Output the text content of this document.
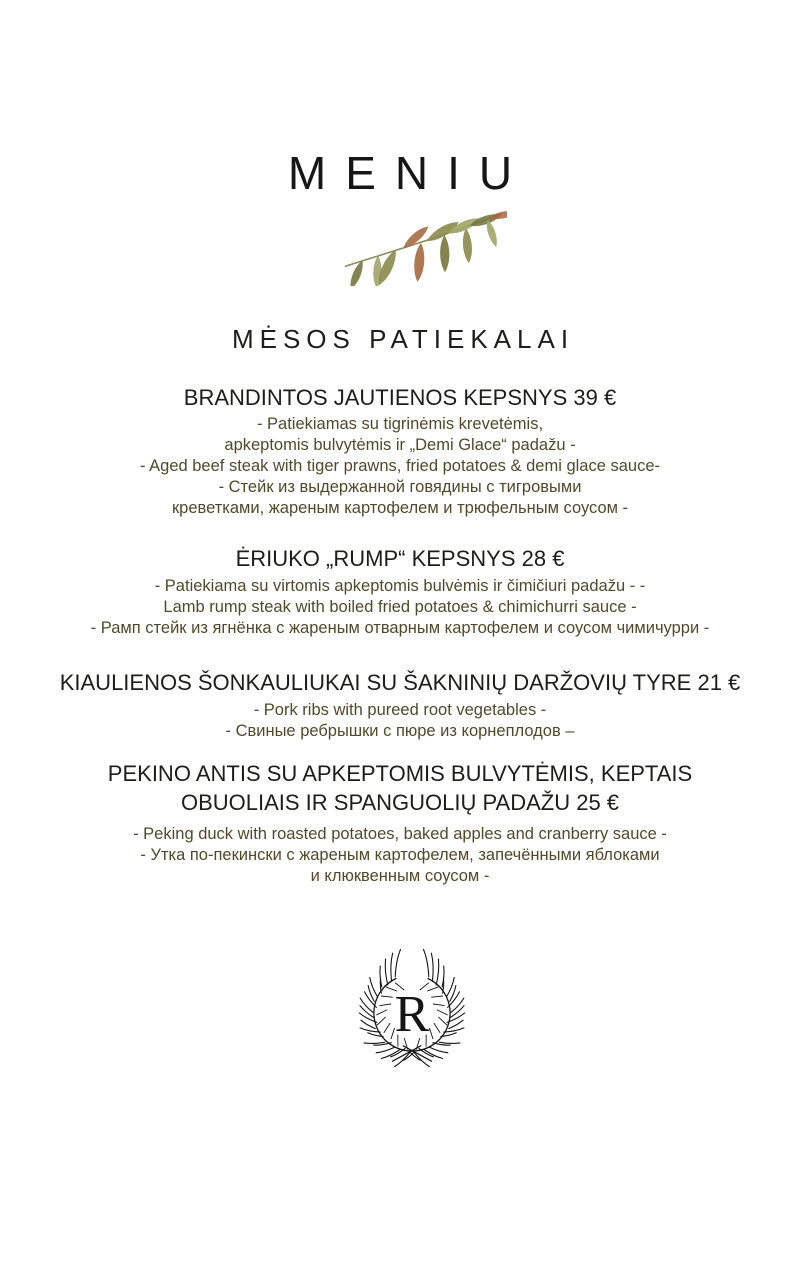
MENIU
MĖSOS PATIEKALAI
BRANDINTOS JAUTIENOS KEPSNYS 39 €
- Patiekiamas su tigrinėmis krevetėmis,
apkeptomis bulvytėmis ir „Demi Glace“ padažu -
- Aged beef steak with tiger prawns, fried potatoes & demi glace sauce-
- Стейк из выдержанной говядины с тигровыми
креветками, жареным картофелем и трюфельным соусом -
ĖRIUKO „RUMP“ KEPSNYS 28 €
- Patiekiama su virtomis apkeptomis bulvėmis ir čimičiuri padažu - -
Lamb rump steak with boiled fried potatoes & chimichurri sauce -
- Рамп стейк из ягнёнка с жареным отварным картофелем и соусом чимичурри -
KIAULIENOS ŠONKAULIUKAI SU ŠAKNINIŲ DARŽOVIŲ TYRE 21 €
- Pork ribs with pureed root vegetables -
- Свиные ребрышки с пюре из корнеплодов –
PEKINO ANTIS SU APKEPTOMIS BULVYTĖMIS, KEPTAIS OBUOLIAIS IR SPANGUOLIŲ PADAŽU 25 €
- Peking duck with roasted potatoes, baked apples and cranberry sauce -
- Утка по-пекински с жареным картофелем, запечёнными яблоками
и клюквенным соусом -
R
